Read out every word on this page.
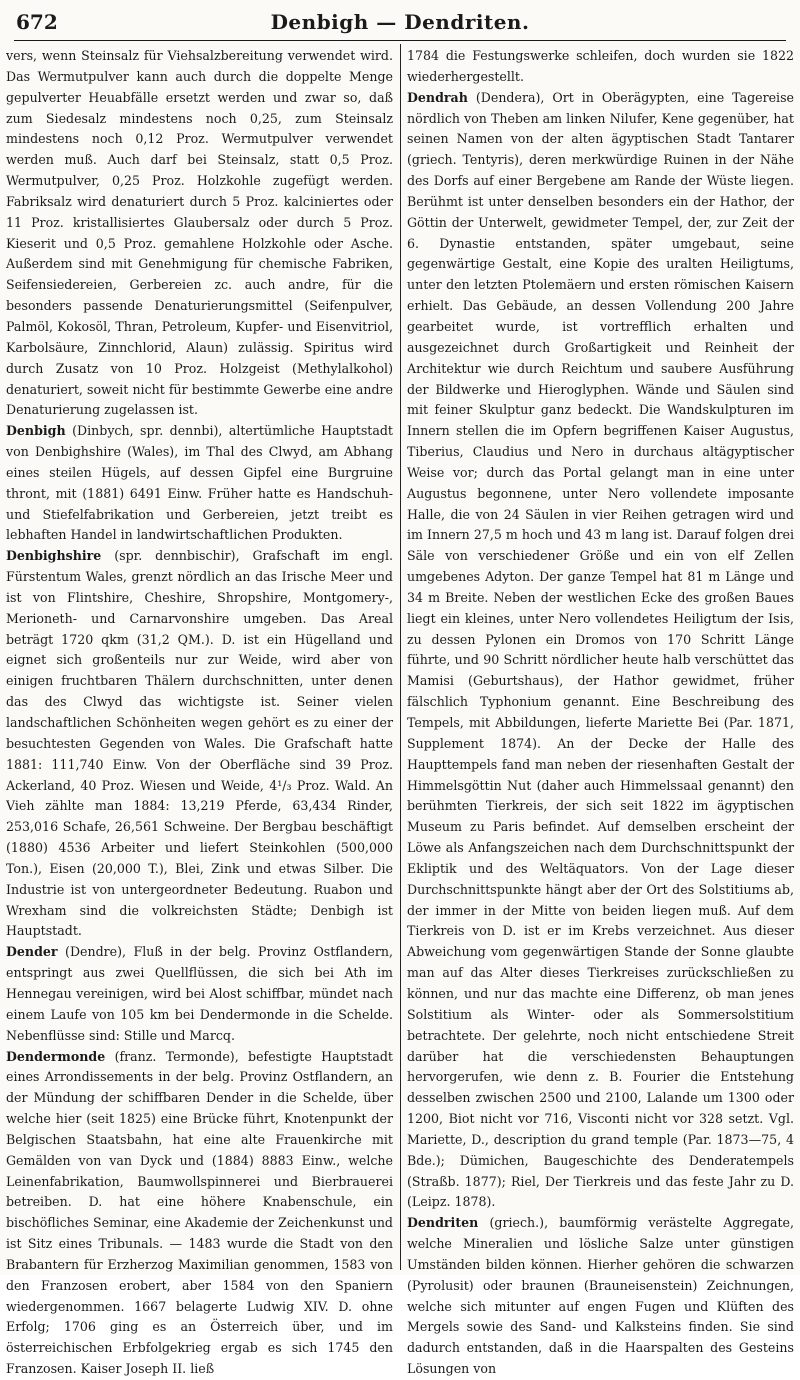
672	Denbigh — Dendriten.

vers, wenn Steinsalz für Viehsalzbereitung verwendet wird. Das Wermutpulver kann auch durch die doppelte Menge gepulverter Heuabfälle ersetzt werden und zwar so, daß zum Siedesalz mindestens noch 0,25, zum Steinsalz mindestens noch 0,12 Proz. Wermutpulver verwendet werden muß. Auch darf bei Steinsalz, statt 0,5 Proz. Wermutpulver, 0,25 Proz. Holzkohle zugefügt werden. Fabriksalz wird denaturiert durch 5 Proz. kalciniertes oder 11 Proz. kristallisiertes Glaubersalz oder durch 5 Proz. Kieserit und 0,5 Proz. gemahlene Holzkohle oder Asche. Außerdem sind mit Genehmigung für chemische Fabriken, Seifensiedereien, Gerbereien zc. auch andre, für die besonders passende Denaturierungsmittel (Seifenpulver, Palmöl, Kokosöl, Thran, Petroleum, Kupfer- und Eisenvitriol, Karbolsäure, Zinnchlorid, Alaun) zulässig. Spiritus wird durch Zusatz von 10 Proz. Holzgeist (Methylalkohol) denaturiert, soweit nicht für bestimmte Gewerbe eine andre Denaturierung zugelassen ist.

Denbigh (Dinbych, spr. dennbi), altertümliche Hauptstadt von Denbighshire (Wales), im Thal des Clwyd, am Abhang eines steilen Hügels, auf dessen Gipfel eine Burgruine thront, mit (1881) 6491 Einw. Früher hatte es Handschuh- und Stiefelfabrikation und Gerbereien, jetzt treibt es lebhaften Handel in landwirtschaftlichen Produkten.

Denbighshire (spr. dennbischir), Grafschaft im engl. Fürstentum Wales, grenzt nördlich an das Irische Meer und ist von Flintshire, Cheshire, Shropshire, Montgomery-, Merioneth- und Carnarvonshire umgeben. Das Areal beträgt 1720 qkm (31,2 QM.). D. ist ein Hügelland und eignet sich großenteils nur zur Weide, wird aber von einigen fruchtbaren Thälern durchschnitten, unter denen das des Clwyd das wichtigste ist. Seiner vielen landschaftlichen Schönheiten wegen gehört es zu einer der besuchtesten Gegenden von Wales. Die Grafschaft hatte 1881: 111,740 Einw. Von der Oberfläche sind 39 Proz. Ackerland, 40 Proz. Wiesen und Weide, 4¹/₃ Proz. Wald. An Vieh zählte man 1884: 13,219 Pferde, 63,434 Rinder, 253,016 Schafe, 26,561 Schweine. Der Bergbau beschäftigt (1880) 4536 Arbeiter und liefert Steinkohlen (500,000 Ton.), Eisen (20,000 T.), Blei, Zink und etwas Silber. Die Industrie ist von untergeordneter Bedeutung. Ruabon und Wrexham sind die volkreichsten Städte; Denbigh ist Hauptstadt.

Dender (Dendre), Fluß in der belg. Provinz Ostflandern, entspringt aus zwei Quellflüssen, die sich bei Ath im Hennegau vereinigen, wird bei Alost schiffbar, mündet nach einem Laufe von 105 km bei Dendermonde in die Schelde. Nebenflüsse sind: Stille und Marcq.

Dendermonde (franz. Termonde), befestigte Hauptstadt eines Arrondissements in der belg. Provinz Ostflandern, an der Mündung der schiffbaren Dender in die Schelde, über welche hier (seit 1825) eine Brücke führt, Knotenpunkt der Belgischen Staatsbahn, hat eine alte Frauenkirche mit Gemälden von van Dyck und (1884) 8883 Einw., welche Leinenfabrikation, Baumwollspinnerei und Bierbrauerei betreiben. D. hat eine höhere Knabenschule, ein bischöfliches Seminar, eine Akademie der Zeichenkunst und ist Sitz eines Tribunals. — 1483 wurde die Stadt von den Brabantern für Erzherzog Maximilian genommen, 1583 von den Franzosen erobert, aber 1584 von den Spaniern wiedergenommen. 1667 belagerte Ludwig XIV. D. ohne Erfolg; 1706 ging es an Österreich über, und im österreichischen Erbfolgekrieg ergab es sich 1745 den Franzosen. Kaiser Joseph II. ließ

1784 die Festungswerke schleifen, doch wurden sie 1822 wiederhergestellt.

Dendrah (Dendera), Ort in Oberägypten, eine Tagereise nördlich von Theben am linken Nilufer, Kene gegenüber, hat seinen Namen von der alten ägyptischen Stadt Tantarer (griech. Tentyris), deren merkwürdige Ruinen in der Nähe des Dorfs auf einer Bergebene am Rande der Wüste liegen. Berühmt ist unter denselben besonders ein der Hathor, der Göttin der Unterwelt, gewidmeter Tempel, der, zur Zeit der 6. Dynastie entstanden, später umgebaut, seine gegenwärtige Gestalt, eine Kopie des uralten Heiligtums, unter den letzten Ptolemäern und ersten römischen Kaisern erhielt. Das Gebäude, an dessen Vollendung 200 Jahre gearbeitet wurde, ist vortrefflich erhalten und ausgezeichnet durch Großartigkeit und Reinheit der Architektur wie durch Reichtum und saubere Ausführung der Bildwerke und Hieroglyphen. Wände und Säulen sind mit feiner Skulptur ganz bedeckt. Die Wandskulpturen im Innern stellen die im Opfern begriffenen Kaiser Augustus, Tiberius, Claudius und Nero in durchaus altägyptischer Weise vor; durch das Portal gelangt man in eine unter Augustus begonnene, unter Nero vollendete imposante Halle, die von 24 Säulen in vier Reihen getragen wird und im Innern 27,5 m hoch und 43 m lang ist. Darauf folgen drei Säle von verschiedener Größe und ein von elf Zellen umgebenes Adyton. Der ganze Tempel hat 81 m Länge und 34 m Breite. Neben der westlichen Ecke des großen Baues liegt ein kleines, unter Nero vollendetes Heiligtum der Isis, zu dessen Pylonen ein Dromos von 170 Schritt Länge führte, und 90 Schritt nördlicher heute halb verschüttet das Mamisi (Geburtshaus), der Hathor gewidmet, früher fälschlich Typhonium genannt. Eine Beschreibung des Tempels, mit Abbildungen, lieferte Mariette Bei (Par. 1871, Supplement 1874). An der Decke der Halle des Haupttempels fand man neben der riesenhaften Gestalt der Himmelsgöttin Nut (daher auch Himmelssaal genannt) den berühmten Tierkreis, der sich seit 1822 im ägyptischen Museum zu Paris befindet. Auf demselben erscheint der Löwe als Anfangszeichen nach dem Durchschnittspunkt der Ekliptik und des Weltäquators. Von der Lage dieser Durchschnittspunkte hängt aber der Ort des Solstitiums ab, der immer in der Mitte von beiden liegen muß. Auf dem Tierkreis von D. ist er im Krebs verzeichnet. Aus dieser Abweichung vom gegenwärtigen Stande der Sonne glaubte man auf das Alter dieses Tierkreises zurückschließen zu können, und nur das machte eine Differenz, ob man jenes Solstitium als Winter- oder als Sommersolstitium betrachtete. Der gelehrte, noch nicht entschiedene Streit darüber hat die verschiedensten Behauptungen hervorgerufen, wie denn z. B. Fourier die Entstehung desselben zwischen 2500 und 2100, Lalande um 1300 oder 1200, Biot nicht vor 716, Visconti nicht vor 328 setzt. Vgl. Mariette, D., description du grand temple (Par. 1873—75, 4 Bde.); Dümichen, Baugeschichte des Denderatempels (Straßb. 1877); Riel, Der Tierkreis und das feste Jahr zu D. (Leipz. 1878).

Dendriten (griech.), baumförmig verästelte Aggregate, welche Mineralien und lösliche Salze unter günstigen Umständen bilden können. Hierher gehören die schwarzen (Pyrolusit) oder braunen (Brauneisenstein) Zeichnungen, welche sich mitunter auf engen Fugen und Klüften des Mergels sowie des Sand- und Kalksteins finden. Sie sind dadurch entstanden, daß in die Haarspalten des Gesteins Lösungen von
